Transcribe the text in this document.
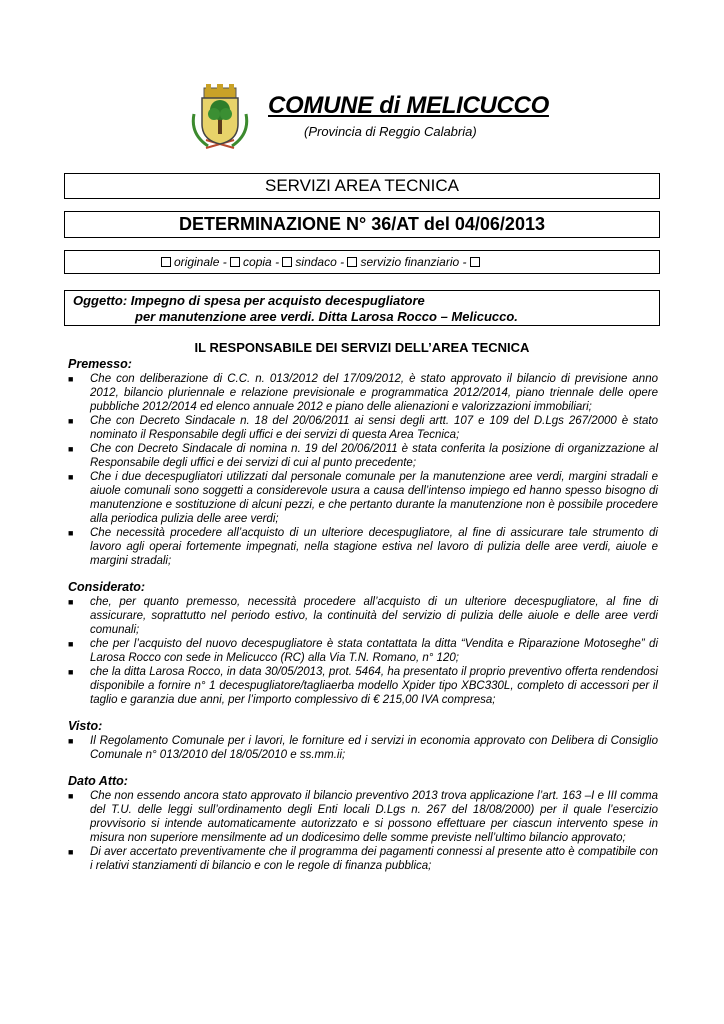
COMUNE di MELICUCCO
(Provincia di Reggio Calabria)
SERVIZI AREA TECNICA
DETERMINAZIONE N° 36/AT del 04/06/2013
originale - copia - sindaco - servizio finanziario -
Oggetto: Impegno di spesa per acquisto decespugliatore
per manutenzione aree verdi. Ditta Larosa Rocco – Melicucco.
IL RESPONSABILE DEI SERVIZI DELL’AREA TECNICA

Premesso:

■ Che con deliberazione di C.C. n. 013/2012 del 17/09/2012, è stato approvato il bilancio di previsione anno 2012, bilancio pluriennale e relazione previsionale e programmatica 2012/2014, piano triennale delle opere pubbliche 2012/2014 ed elenco annuale 2012 e piano delle alienazioni e valorizzazioni immobiliari;
■ Che con Decreto Sindacale n. 18 del 20/06/2011 ai sensi degli artt. 107 e 109 del D.Lgs 267/2000 è stato nominato il Responsabile degli uffici e dei servizi di questa Area Tecnica;
■ Che con Decreto Sindacale di nomina n. 19 del 20/06/2011 è stata conferita la posizione di organizzazione al Responsabile degli uffici e dei servizi di cui al punto precedente;
■ Che i due decespugliatori utilizzati dal personale comunale per la manutenzione aree verdi, margini stradali e aiuole comunali sono soggetti a considerevole usura a causa dell’intenso impiego ed hanno spesso bisogno di manutenzione e sostituzione di alcuni pezzi, e che pertanto durante la manutenzione non è possibile procedere alla periodica pulizia delle aree verdi;
■ Che necessità procedere all’acquisto di un ulteriore decespugliatore, al fine di assicurare tale strumento di lavoro agli operai fortemente impegnati, nella stagione estiva nel lavoro di pulizia delle aree verdi, aiuole e margini stradali;

Considerato:

■ che, per quanto premesso, necessità procedere all’acquisto di un ulteriore decespugliatore, al fine di assicurare, soprattutto nel periodo estivo, la continuità del servizio di pulizia delle aiuole e delle aree verdi comunali;
■ che per l’acquisto del nuovo decespugliatore è stata contattata la ditta “Vendita e Riparazione Motoseghe” di Larosa Rocco con sede in Melicucco (RC) alla Via T.N. Romano, n° 120;
■ che la ditta Larosa Rocco, in data 30/05/2013, prot. 5464, ha presentato il proprio preventivo offerta rendendosi disponibile a fornire n° 1 decespugliatore/tagliaerba modello Xpider tipo XBC330L, completo di accessori per il taglio e garanzia due anni, per l’importo complessivo di € 215,00 IVA compresa;

Visto:

■ Il Regolamento Comunale per i lavori, le forniture ed i servizi in economia approvato con Delibera di Consiglio Comunale n° 013/2010 del 18/05/2010 e ss.mm.ii;

Dato Atto:

■ Che non essendo ancora stato approvato il bilancio preventivo 2013 trova applicazione l’art. 163 –I e III comma del T.U. delle leggi sull’ordinamento degli Enti locali D.Lgs n. 267 del 18/08/2000) per il quale l’esercizio provvisorio si intende automaticamente autorizzato e si possono effettuare per ciascun intervento spese in misura non superiore mensilmente ad un dodicesimo delle somme previste nell’ultimo bilancio approvato;
■ Di aver accertato preventivamente che il programma dei pagamenti connessi al presente atto è compatibile con i relativi stanziamenti di bilancio e con le regole di finanza pubblica;
